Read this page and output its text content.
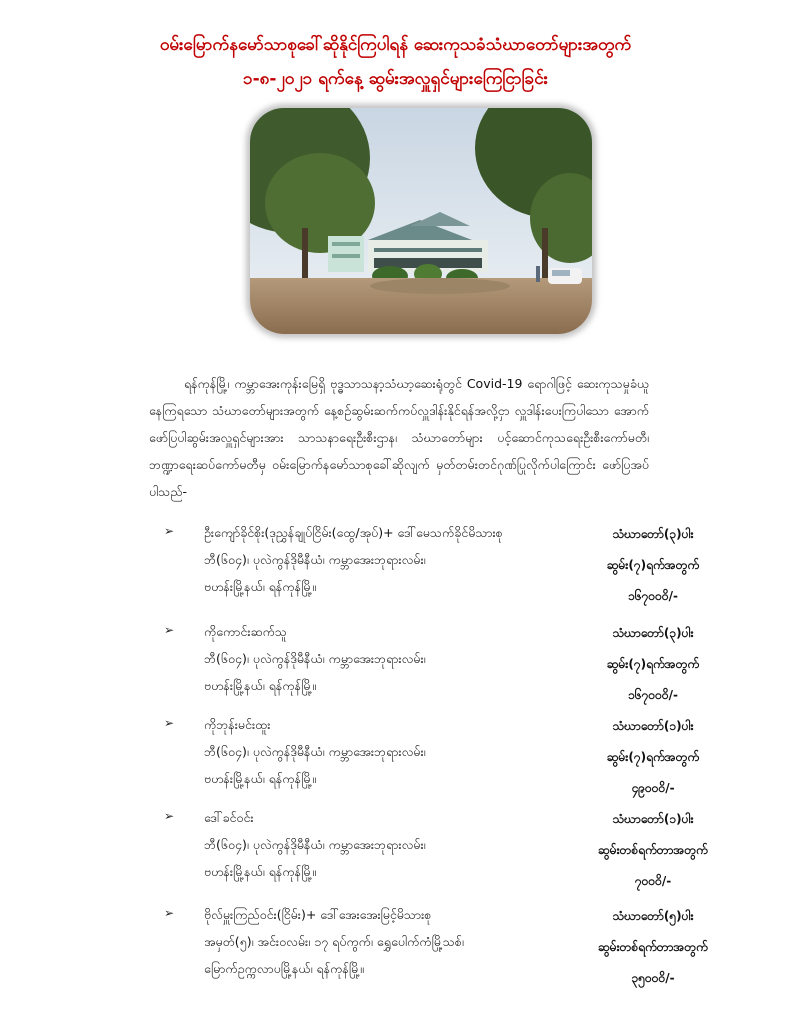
ဝမ်းမြောက်နမော်သာစုခေါ်ဆိုနိုင်ကြပါရန် ဆေးကုသခံသံဃာတော်များအတွက်
၁-၈-၂၀၂၁ ရက်နေ့ ဆွမ်းအလှူရှင်များကြေငြာခြင်း

ရန်ကုန်မြို့၊ ကမ္ဘာအေးကုန်းမြေရှိ ဗုဒ္ဓသာသနာ့သံဃာ့ဆေးရုံတွင် Covid-19 ရောဂါဖြင့် ဆေးကုသမှုခံယူနေကြရသော သံဃာတော်များအတွက် နေ့စဉ်ဆွမ်းဆက်ကပ်လှူဒါန်းနိုင်ရန်အလို့ငှာ လှူဒါန်းပေးကြပါသော အောက်ဖော်ပြပါဆွမ်းအလှူရှင်များအား သာသနာရေးဦးစီးဌာန၊ သံဃာတော်များ ပင့်ဆောင်ကုသရေးဦးစီးကော်မတီ၊ ဘဏ္ဍာရေးဆပ်ကော်မတီမှ ဝမ်းမြောက်နမော်သာစုခေါ်ဆိုလျက် မှတ်တမ်းတင်ဂုဏ်ပြုလိုက်ပါကြောင်း ဖော်ပြအပ်ပါသည်-

➢ ဦးကျော်ခိုင်စိုး(ဒုညွှန်ချုပ်ငြိမ်း(ထွေ/အုပ်)+ ဒေါ်မေသက်ခိုင်မိသားစု
ဘီ(၆၀၄)၊ ပုလဲကွန်ဒိုမီနီယံ၊ ကမ္ဘာအေးဘုရားလမ်း၊
ဗဟန်းမြို့နယ်၊ ရန်ကုန်မြို့။
သံဃာတော်(၃)ပါး
ဆွမ်း(၇)ရက်အတွက်
၁၆၇၀၀၀ိ/-
➢ ကိုကောင်းဆက်သူ
ဘီ(၆၀၄)၊ ပုလဲကွန်ဒိုမီနီယံ၊ ကမ္ဘာအေးဘုရားလမ်း၊
ဗဟန်းမြို့နယ်၊ ရန်ကုန်မြို့။
သံဃာတော်(၃)ပါး
ဆွမ်း(၇)ရက်အတွက်
၁၆၇၀၀၀ိ/-
➢ ကိုဘုန်းမင်းထူး
ဘီ(၆၀၄)၊ ပုလဲကွန်ဒိုမီနီယံ၊ ကမ္ဘာအေးဘုရားလမ်း၊
ဗဟန်းမြို့နယ်၊ ရန်ကုန်မြို့။
သံဃာတော်(၁)ပါး
ဆွမ်း(၇)ရက်အတွက်
၄၉၀၀၀ိ/-
➢ ဒေါ်ခင်ဝင်း
ဘီ(၆၀၄)၊ ပုလဲကွန်ဒိုမီနီယံ၊ ကမ္ဘာအေးဘုရားလမ်း၊
ဗဟန်းမြို့နယ်၊ ရန်ကုန်မြို့။
သံဃာတော်(၁)ပါး
ဆွမ်းတစ်ရက်တာအတွက်
၇၀၀၀ိ/-
➢ ဗိုလ်မှူးကြည်ဝင်း(ငြိမ်း)+ ဒေါ်အေးအေးမြင့်မိသားစု
အမှတ်(၅)၊ အင်းဝလမ်း၊ ၁၇ ရပ်ကွက်၊ ရွှေပေါက်ကံမြို့သစ်၊
မြောက်ဥက္ကလာပမြို့နယ်၊ ရန်ကုန်မြို့။
သံဃာတော်(၅)ပါး
ဆွမ်းတစ်ရက်တာအတွက်
၃၅၀၀၀ိ/-
